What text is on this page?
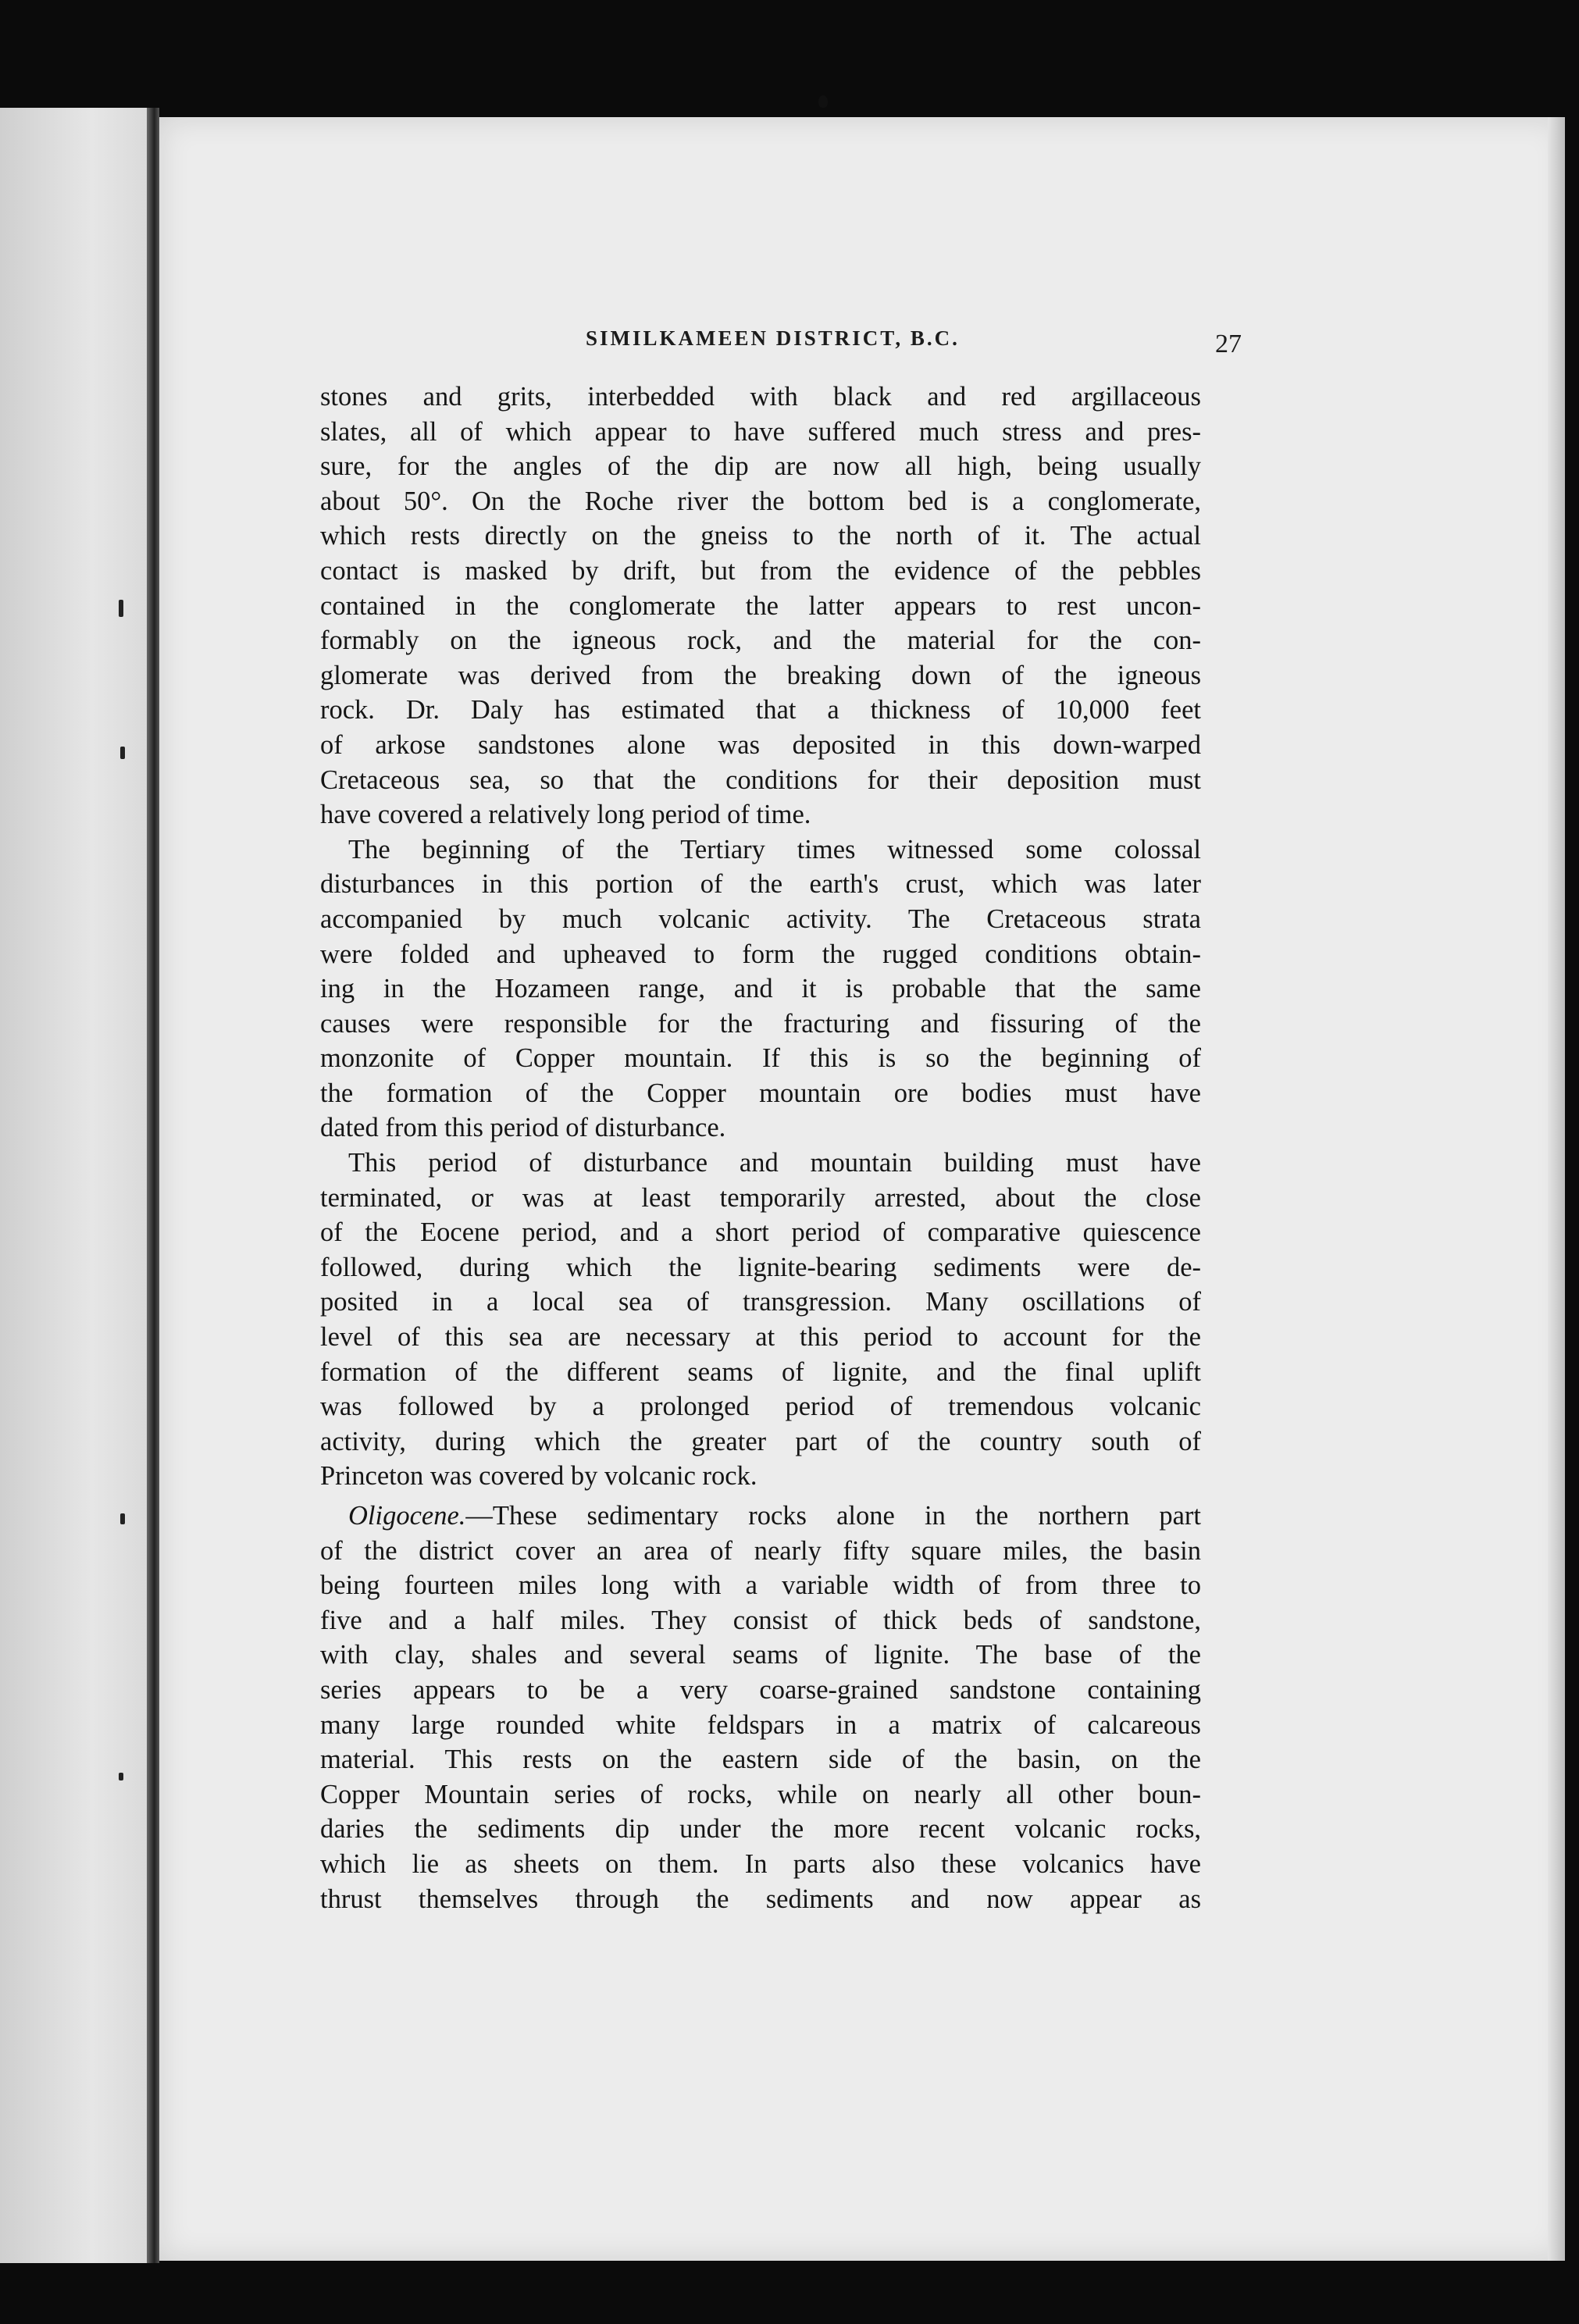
SIMILKAMEEN DISTRICT, B.C.	27

stones and grits, interbedded with black and red argillaceous
slates, all of which appear to have suffered much stress and pres-
sure, for the angles of the dip are now all high, being usually
about 50°. On the Roche river the bottom bed is a conglomerate,
which rests directly on the gneiss to the north of it. The actual
contact is masked by drift, but from the evidence of the pebbles
contained in the conglomerate the latter appears to rest uncon-
formably on the igneous rock, and the material for the con-
glomerate was derived from the breaking down of the igneous
rock. Dr. Daly has estimated that a thickness of 10,000 feet
of arkose sandstones alone was deposited in this down-warped
Cretaceous sea, so that the conditions for their deposition must
have covered a relatively long period of time.

The beginning of the Tertiary times witnessed some colossal
disturbances in this portion of the earth's crust, which was later
accompanied by much volcanic activity. The Cretaceous strata
were folded and upheaved to form the rugged conditions obtain-
ing in the Hozameen range, and it is probable that the same
causes were responsible for the fracturing and fissuring of the
monzonite of Copper mountain. If this is so the beginning of
the formation of the Copper mountain ore bodies must have
dated from this period of disturbance.

This period of disturbance and mountain building must have
terminated, or was at least temporarily arrested, about the close
of the Eocene period, and a short period of comparative quiescence
followed, during which the lignite-bearing sediments were de-
posited in a local sea of transgression. Many oscillations of
level of this sea are necessary at this period to account for the
formation of the different seams of lignite, and the final uplift
was followed by a prolonged period of tremendous volcanic
activity, during which the greater part of the country south of
Princeton was covered by volcanic rock.

Oligocene.—These sedimentary rocks alone in the northern part
of the district cover an area of nearly fifty square miles, the basin
being fourteen miles long with a variable width of from three to
five and a half miles. They consist of thick beds of sandstone,
with clay, shales and several seams of lignite. The base of the
series appears to be a very coarse-grained sandstone containing
many large rounded white feldspars in a matrix of calcareous
material. This rests on the eastern side of the basin, on the
Copper Mountain series of rocks, while on nearly all other boun-
daries the sediments dip under the more recent volcanic rocks,
which lie as sheets on them. In parts also these volcanics have
thrust themselves through the sediments and now appear as
